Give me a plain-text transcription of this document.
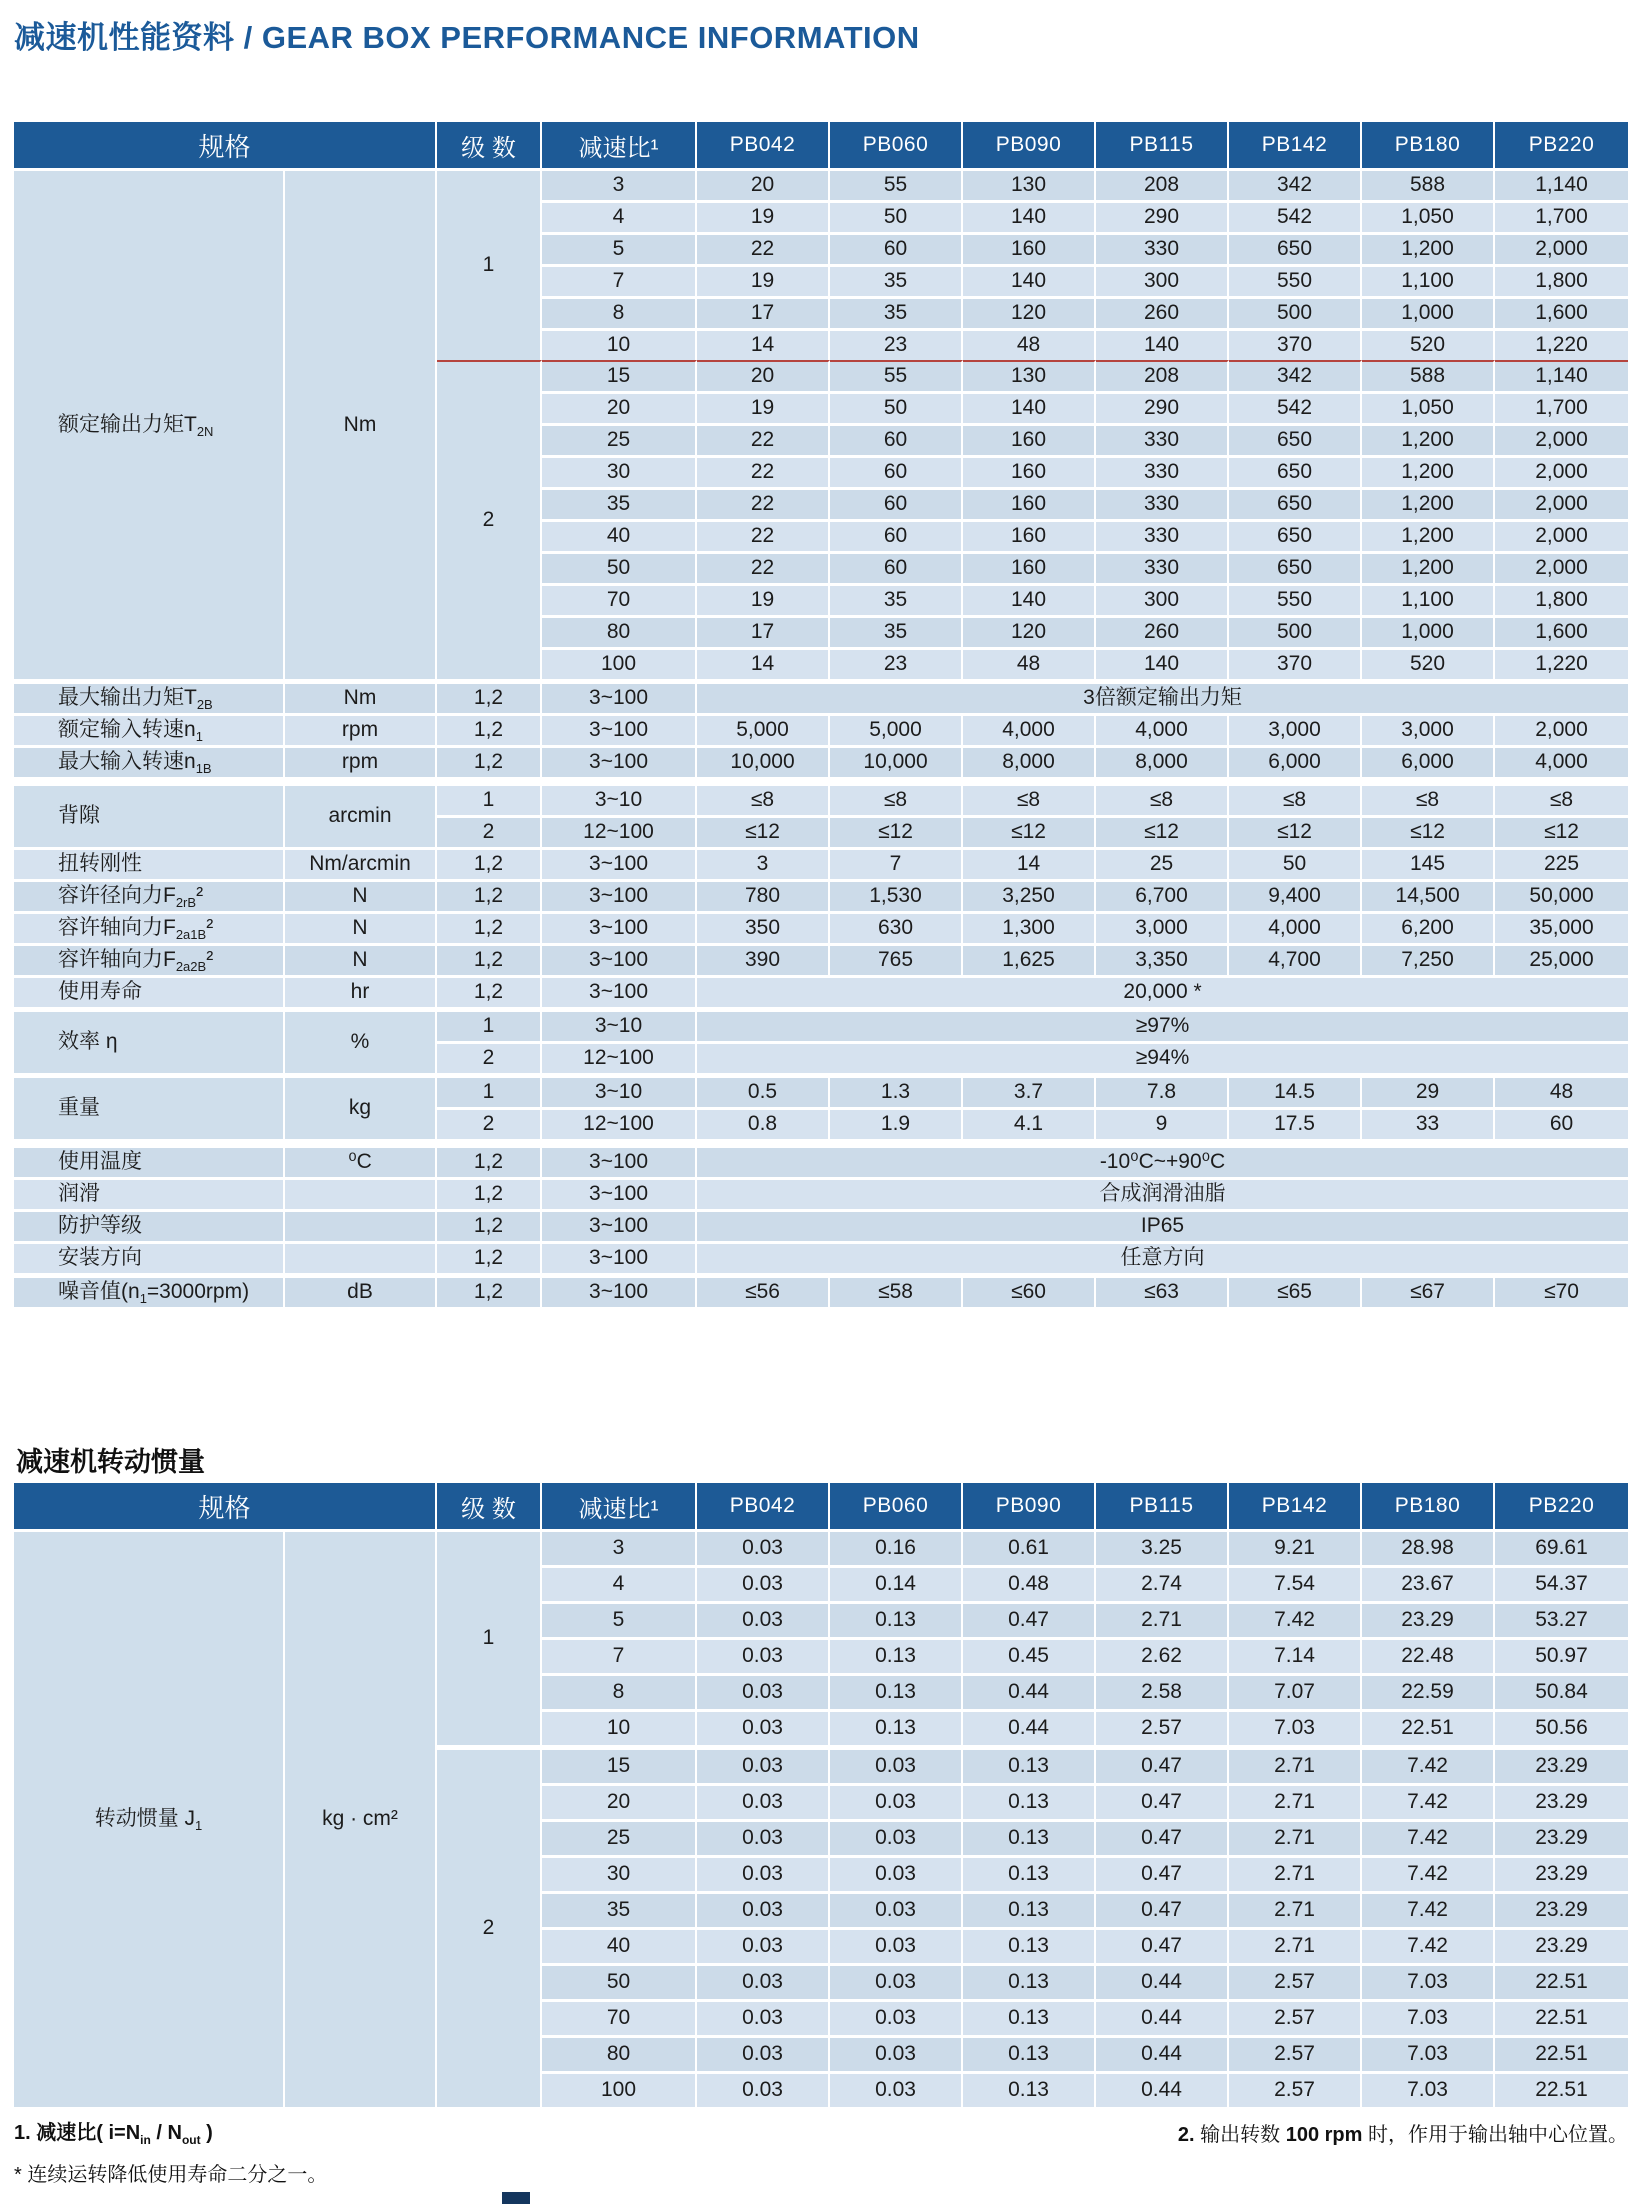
减速机性能资料 / GEAR BOX PERFORMANCE INFORMATION
规格		级 数	减速比¹	PB042	PB060	PB090	PB115	PB142	PB180	PB220
额定输出力矩$T_{2N}$	Nm	1	3	20	55	130	208	342	588	1,140
			4	19	50	140	290	542	1,050	1,700
			5	22	60	160	330	650	1,200	2,000
			7	19	35	140	300	550	1,100	1,800
			8	17	35	120	260	500	1,000	1,600
			10	14	23	48	140	370	520	1,220
		2	15	20	55	130	208	342	588	1,140
			20	19	50	140	290	542	1,050	1,700
			25	22	60	160	330	650	1,200	2,000
			30	22	60	160	330	650	1,200	2,000
			35	22	60	160	330	650	1,200	2,000
			40	22	60	160	330	650	1,200	2,000
			50	22	60	160	330	650	1,200	2,000
			70	19	35	140	300	550	1,100	1,800
			80	17	35	120	260	500	1,000	1,600
			100	14	23	48	140	370	520	1,220
最大输出力矩$T_{2B}$	Nm	1,2	3~100	3倍额定输出力矩						
额定输入转速$n_1$	rpm	1,2	3~100	5,000	5,000	4,000	4,000	3,000	3,000	2,000
最大输入转速$n_{1B}$	rpm	1,2	3~100	10,000	10,000	8,000	8,000	6,000	6,000	4,000
背隙	arcmin	1	3~10	≤8	≤8	≤8	≤8	≤8	≤8	≤8
		2	12~100	≤12	≤12	≤12	≤12	≤12	≤12	≤12
扭转刚性	Nm/arcmin	1,2	3~100	3	7	14	25	50	145	225
容许径向力$F_{2rB}^2$	N	1,2	3~100	780	1,530	3,250	6,700	9,400	14,500	50,000
容许轴向力$F_{2a1B}^2$	N	1,2	3~100	350	630	1,300	3,000	4,000	6,200	35,000
容许轴向力$F_{2a2B}^2$	N	1,2	3~100	390	765	1,625	3,350	4,700	7,250	25,000
使用寿命	hr	1,2	3~100	20,000 *						
效率 η	%	1	3~10	≥97%						
		2	12~100	≥94%						
重量	kg	1	3~10	0.5	1.3	3.7	7.8	14.5	29	48
		2	12~100	0.8	1.9	4.1	9	17.5	33	60
使用温度	⁰C	1,2	3~100	-10⁰C~+90⁰C						
润滑		1,2	3~100	合成润滑油脂						
防护等级		1,2	3~100	IP65						
安装方向		1,2	3~100	任意方向						
噪音值$(n_1=3000rpm)$	dB	1,2	3~100	≤56	≤58	≤60	≤63	≤65	≤67	≤70
减速机转动惯量
规格		级 数	减速比¹	PB042	PB060	PB090	PB115	PB142	PB180	PB220
转动惯量 $J_1$	kg · cm²	1	3	0.03	0.16	0.61	3.25	9.21	28.98	69.61
			4	0.03	0.14	0.48	2.74	7.54	23.67	54.37
			5	0.03	0.13	0.47	2.71	7.42	23.29	53.27
			7	0.03	0.13	0.45	2.62	7.14	22.48	50.97
			8	0.03	0.13	0.44	2.58	7.07	22.59	50.84
			10	0.03	0.13	0.44	2.57	7.03	22.51	50.56
		2	15	0.03	0.03	0.13	0.47	2.71	7.42	23.29
			20	0.03	0.03	0.13	0.47	2.71	7.42	23.29
			25	0.03	0.03	0.13	0.47	2.71	7.42	23.29
			30	0.03	0.03	0.13	0.47	2.71	7.42	23.29
			35	0.03	0.03	0.13	0.47	2.71	7.42	23.29
			40	0.03	0.03	0.13	0.47	2.71	7.42	23.29
			50	0.03	0.03	0.13	0.44	2.57	7.03	22.51
			70	0.03	0.03	0.13	0.44	2.57	7.03	22.51
			80	0.03	0.03	0.13	0.44	2.57	7.03	22.51
			100	0.03	0.03	0.13	0.44	2.57	7.03	22.51
1. 减速比( $i=N_{in} / N_{out}$ )
* 连续运转降低使用寿命二分之一。
2. 输出转数 100 rpm 时，作用于输出轴中心位置。
